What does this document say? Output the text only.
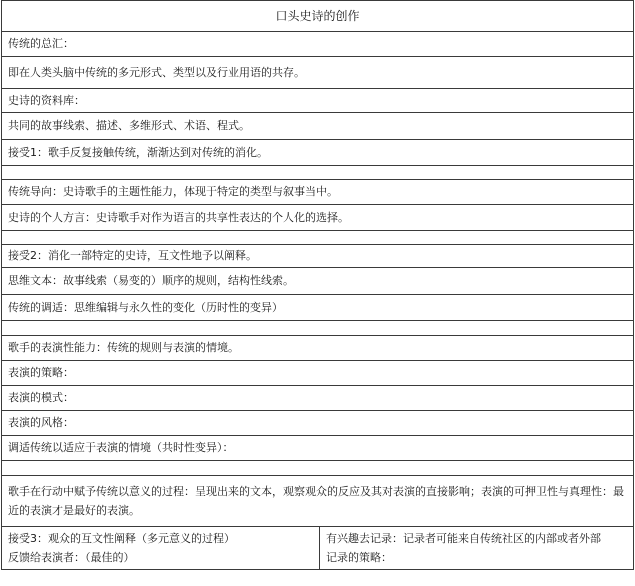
口头史诗的创作
传统的总汇：
即在人类头脑中传统的多元形式、类型以及行业用语的共存。
史诗的资料库：
共同的故事线索、描述、多维形式、术语、程式。
接受1：歌手反复接触传统，渐渐达到对传统的消化。

传统导向：史诗歌手的主题性能力，体现于特定的类型与叙事当中。
史诗的个人方言：史诗歌手对作为语言的共享性表达的个人化的选择。

接受2：消化一部特定的史诗，互文性地予以阐释。
思维文本：故事线索（易变的）顺序的规则，结构性线索。
传统的调适：思维编辑与永久性的变化（历时性的变异）

歌手的表演性能力：传统的规则与表演的情境。
表演的策略：
表演的模式：
表演的风格：
调适传统以适应于表演的情境（共时性变异）：

歌手在行动中赋予传统以意义的过程：呈现出来的文本，观察观众的反应及其对表演的直接影响；表演的可押卫性与真理性：最近的表演才是最好的表演。

接受3：观众的互文性阐释（多元意义的过程）
反馈给表演者：（最佳的）

有兴趣去记录：记录者可能来自传统社区的内部或者外部
记录的策略：
